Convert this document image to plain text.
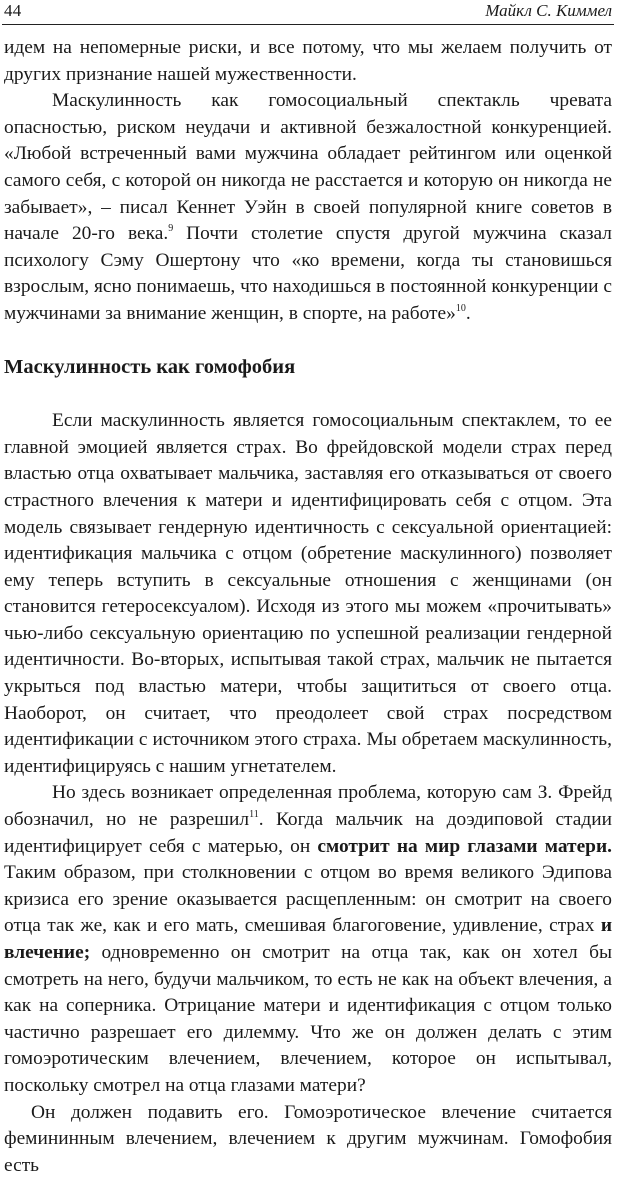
44	Майкл С. Киммел

идем на непомерные риски, и все потому, что мы желаем получить от других признание нашей мужественности.

Маскулинность как гомосоциальный спектакль чревата опасностью, риском неудачи и активной безжалостной конкуренцией. «Любой встреченный вами мужчина обладает рейтингом или оценкой самого себя, с которой он никогда не расстается и которую он никогда не забывает», – писал Кеннет Уэйн в своей популярной книге советов в начале 20-го века.$^9$ Почти столетие спустя другой мужчина сказал психологу Сэму Ошертону что «ко времени, когда ты становишься взрослым, ясно понимаешь, что находишься в постоянной конкуренции с мужчинами за внимание женщин, в спорте, на работе»$^{10}$.

Маскулинность как гомофобия

Если маскулинность является гомосоциальным спектаклем, то ее главной эмоцией является страх. Во фрейдовской модели страх перед властью отца охватывает мальчика, заставляя его отказываться от своего страстного влечения к матери и идентифицировать себя с отцом. Эта модель связывает гендерную идентичность с сексуальной ориентацией: идентификация мальчика с отцом (обретение маскулинного) позволяет ему теперь вступить в сексуальные отношения с женщинами (он становится гетеросексуалом). Исходя из этого мы можем «прочитывать» чью-либо сексуальную ориентацию по успешной реализации гендерной идентичности. Во-вторых, испытывая такой страх, мальчик не пытается укрыться под властью матери, чтобы защититься от своего отца. Наоборот, он считает, что преодолеет свой страх посредством идентификации с источником этого страха. Мы обретаем маскулинность, идентифицируясь с нашим угнетателем.

Но здесь возникает определенная проблема, которую сам З. Фрейд обозначил, но не разрешил$^{11}$. Когда мальчик на доэдиповой стадии идентифицирует себя с матерью, он смотрит на мир глазами матери. Таким образом, при столкновении с отцом во время великого Эдипова кризиса его зрение оказывается расщепленным: он смотрит на своего отца так же, как и его мать, смешивая благоговение, удивление, страх и влечение; одновременно он смотрит на отца так, как он хотел бы смотреть на него, будучи мальчиком, то есть не как на объект влечения, а как на соперника. Отрицание матери и идентификация с отцом только частично разрешает его дилемму. Что же он должен делать с этим гомоэротическим влечением, влечением, которое он испытывал, поскольку смотрел на отца глазами матери?

Он должен подавить его. Гомоэротическое влечение считается фемининным влечением, влечением к другим мужчинам. Гомофобия есть
